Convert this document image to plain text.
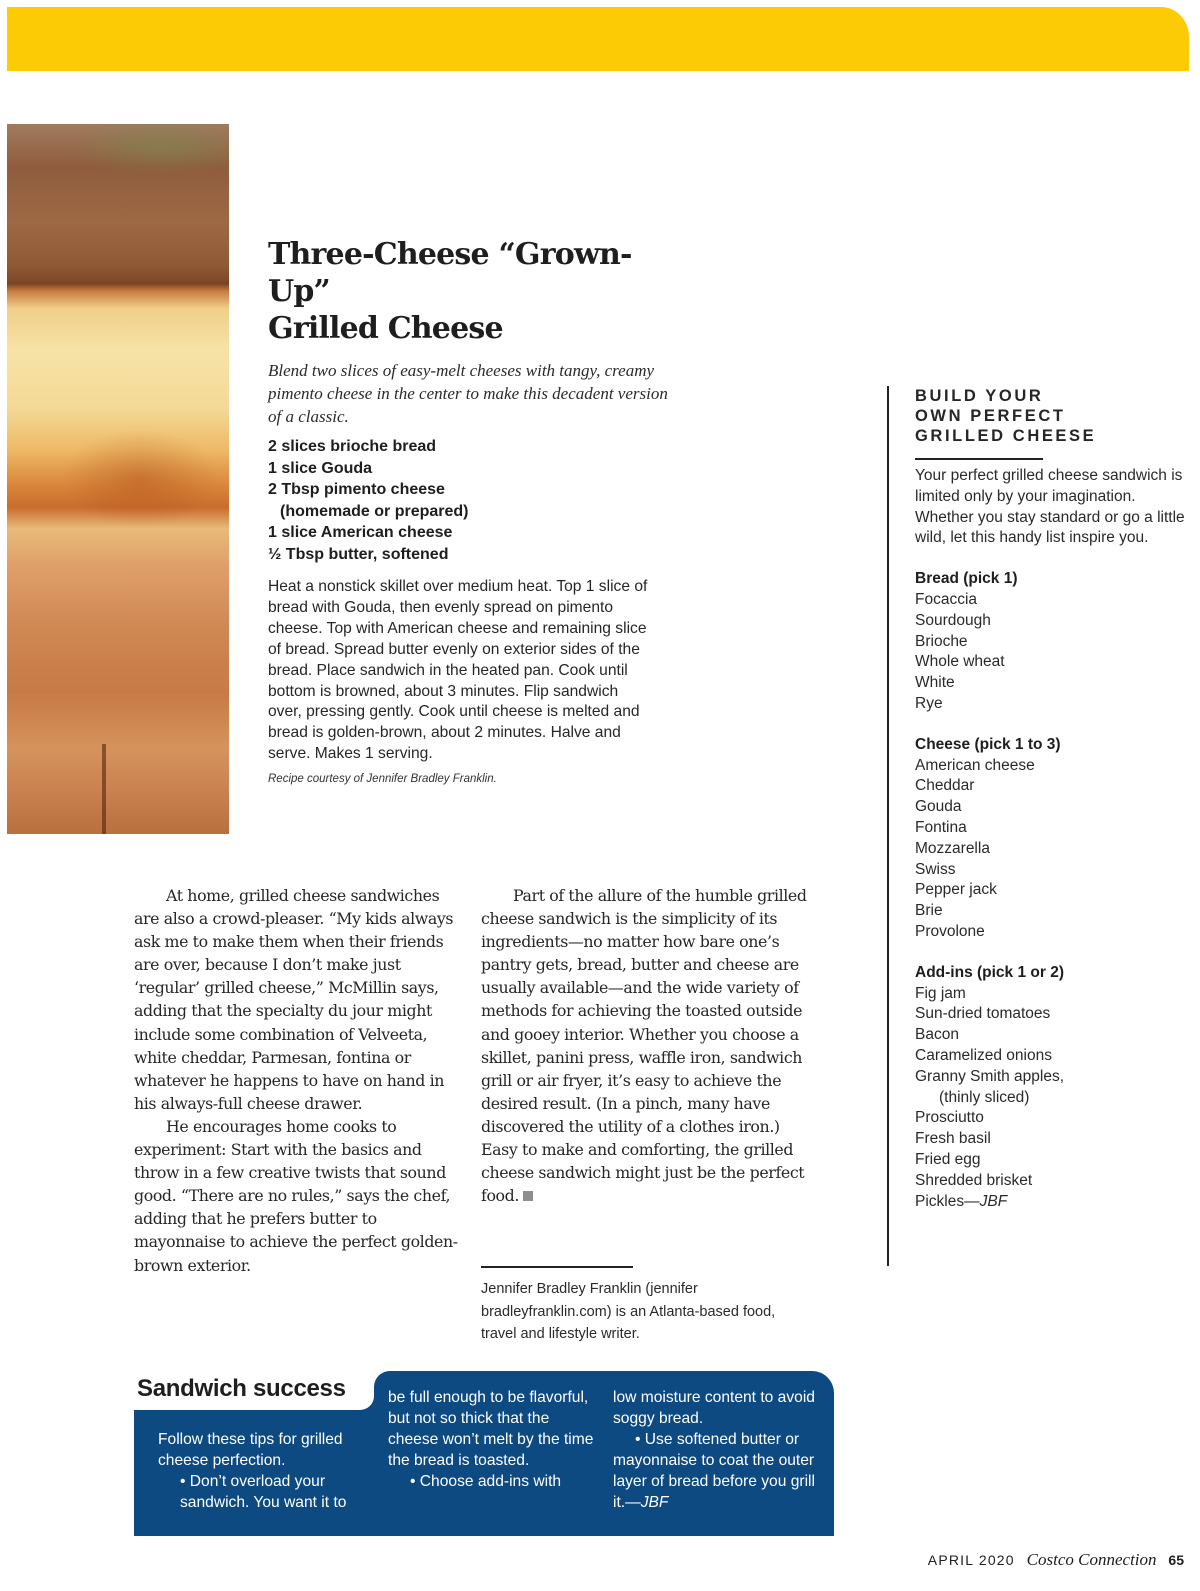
Three-Cheese “Grown-Up”
Grilled Cheese

Blend two slices of easy-melt cheeses with tangy, creamy pimento cheese in the center to make this decadent version of a classic.

2 slices brioche bread
1 slice Gouda
2 Tbsp pimento cheese
(homemade or prepared)
1 slice American cheese
½ Tbsp butter, softened

Heat a nonstick skillet over medium heat. Top 1 slice of bread with Gouda, then evenly spread on pimento cheese. Top with American cheese and remaining slice of bread. Spread butter evenly on exterior sides of the bread. Place sandwich in the heated pan. Cook until bottom is browned, about 3 minutes. Flip sandwich over, pressing gently. Cook until cheese is melted and bread is golden-brown, about 2 minutes. Halve and serve. Makes 1 serving.

Recipe courtesy of Jennifer Bradley Franklin.

BUILD YOUR
OWN PERFECT
GRILLED CHEESE

Your perfect grilled cheese sandwich is limited only by your imagination. Whether you stay standard or go a little wild, let this handy list inspire you.

Bread (pick 1)
Focaccia
Sourdough
Brioche
Whole wheat
White
Rye
Cheese (pick 1 to 3)
American cheese
Cheddar
Gouda
Fontina
Mozzarella
Swiss
Pepper jack
Brie
Provolone
Add-ins (pick 1 or 2)
Fig jam
Sun-dried tomatoes
Bacon
Caramelized onions
Granny Smith apples,
(thinly sliced)
Prosciutto
Fresh basil
Fried egg
Shredded brisket
Pickles—JBF

At home, grilled cheese sandwiches are also a crowd-pleaser. “My kids always ask me to make them when their friends are over, because I don’t make just ‘regular’ grilled cheese,” McMillin says, adding that the specialty du jour might include some combination of Velveeta, white cheddar, Parmesan, fontina or whatever he happens to have on hand in his always-full cheese drawer.

He encourages home cooks to experiment: Start with the basics and throw in a few creative twists that sound good. “There are no rules,” says the chef, adding that he prefers butter to mayonnaise to achieve the perfect golden-brown exterior.

Part of the allure of the humble grilled cheese sandwich is the simplicity of its ingredients—no matter how bare one’s pantry gets, bread, butter and cheese are usually available—and the wide variety of methods for achieving the toasted outside and gooey interior. Whether you choose a skillet, panini press, waffle iron, sandwich grill or air fryer, it’s easy to achieve the desired result. (In a pinch, many have discovered the utility of a clothes iron.) Easy to make and comforting, the grilled cheese sandwich might just be the perfect food.

Jennifer Bradley Franklin (jennifer bradleyfranklin.com) is an Atlanta-based food, travel and lifestyle writer.

Sandwich success
Follow these tips for grilled cheese perfection.
• Don’t overload your sandwich. You want it to
be full enough to be flavorful, but not so thick that the cheese won’t melt by the time the bread is toasted.
• Choose add-ins with
low moisture content to avoid soggy bread.
• Use softened butter or mayonnaise to coat the outer layer of bread before you grill it.—JBF
APRIL 2020 Costco Connection 65
